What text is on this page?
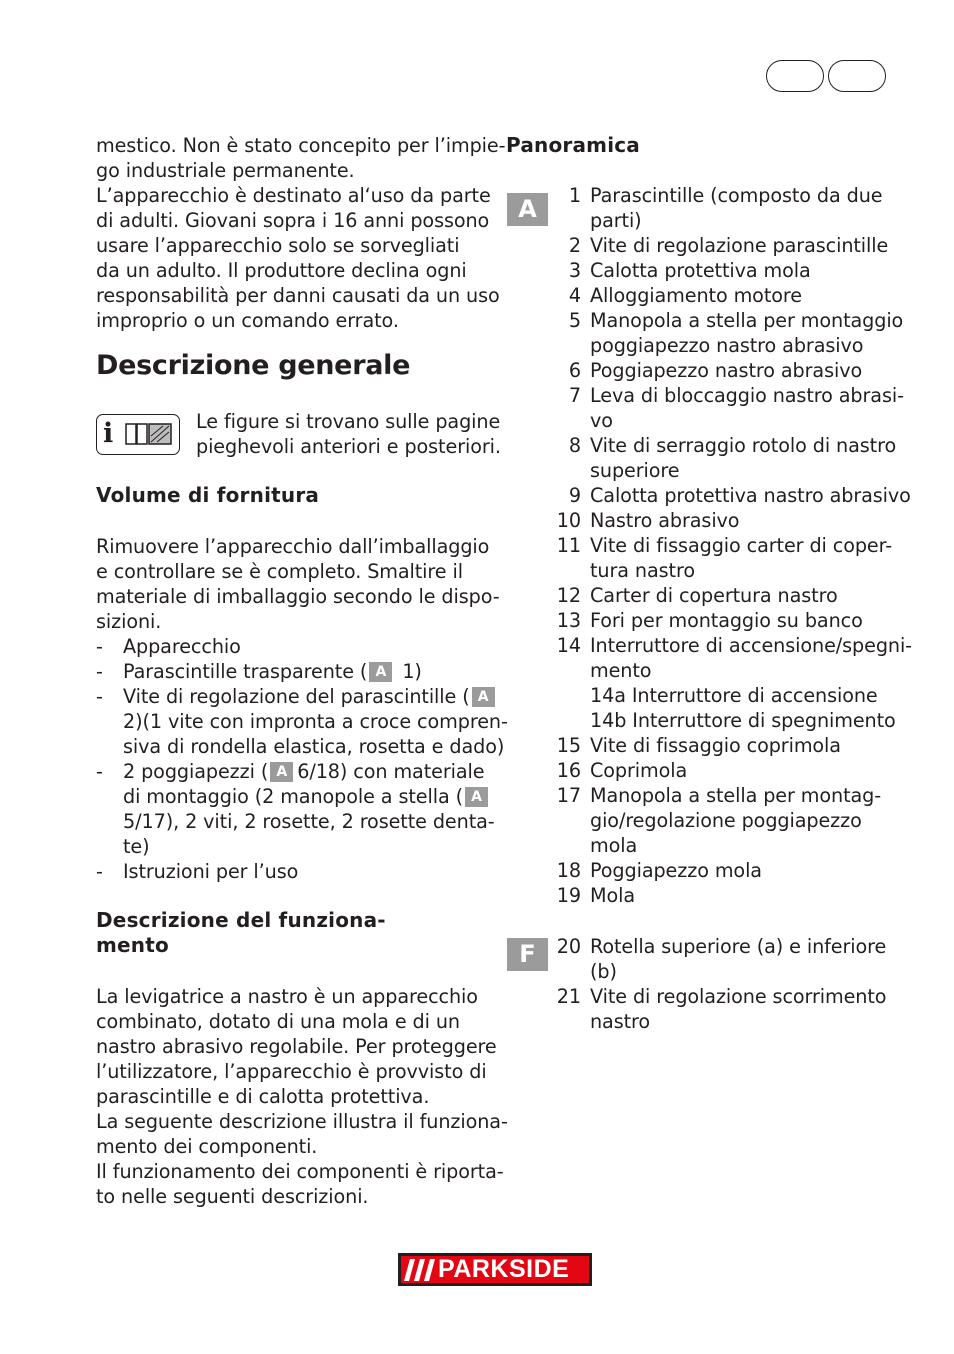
mestico. Non è stato concepito per l’impie-
go industriale permanente.
L’apparecchio è destinato al‘uso da parte
di adulti. Giovani sopra i 16 anni possono
usare l’apparecchio solo se sorvegliati
da un adulto. Il produttore declina ogni
responsabilità per danni causati da un uso
improprio o un comando errato.
Descrizione generale
i	Le figure si trovano sulle pagine
pieghevoli anteriori e posteriori.
Volume di fornitura
Rimuovere l’apparecchio dall’imballaggio
e controllare se è completo. Smaltire il
materiale di imballaggio secondo le dispo-
sizioni.
-	Apparecchio
-	Parascintille trasparente ( A 1)
-	Vite di regolazione del parascintille ( A
2)(1 vite con impronta a croce compren-
siva di rondella elastica, rosetta e dado)
-	2 poggiapezzi ( A 6/18) con materiale
di montaggio (2 manopole a stella ( A
5/17), 2 viti, 2 rosette, 2 rosette denta-
te)
-	Istruzioni per l’uso
Descrizione del funziona-
mento
La levigatrice a nastro è un apparecchio
combinato, dotato di una mola e di un
nastro abrasivo regolabile. Per proteggere
l’utilizzatore, l’apparecchio è provvisto di
parascintille e di calotta protettiva.
La seguente descrizione illustra il funziona-
mento dei componenti.
Il funzionamento dei componenti è riporta-
to nelle seguenti descrizioni.
Panoramica
A	1 Parascintille (composto da due
parti)
2 Vite di regolazione parascintille
3 Calotta protettiva mola
4 Alloggiamento motore
5 Manopola a stella per montaggio
poggiapezzo nastro abrasivo
6 Poggiapezzo nastro abrasivo
7 Leva di bloccaggio nastro abrasi-
vo
8 Vite di serraggio rotolo di nastro
superiore
9 Calotta protettiva nastro abrasivo
10 Nastro abrasivo
11 Vite di fissaggio carter di coper-
tura nastro
12 Carter di copertura nastro
13 Fori per montaggio su banco
14 Interruttore di accensione/spegni-
mento
14a Interruttore di accensione
14b Interruttore di spegnimento
15 Vite di fissaggio coprimola
16 Coprimola
17 Manopola a stella per montag-
gio/regolazione poggiapezzo
mola
18 Poggiapezzo mola
19 Mola
F	20 Rotella superiore (a) e inferiore
(b)
21 Vite di regolazione scorrimento
nastro
PARKSIDE
